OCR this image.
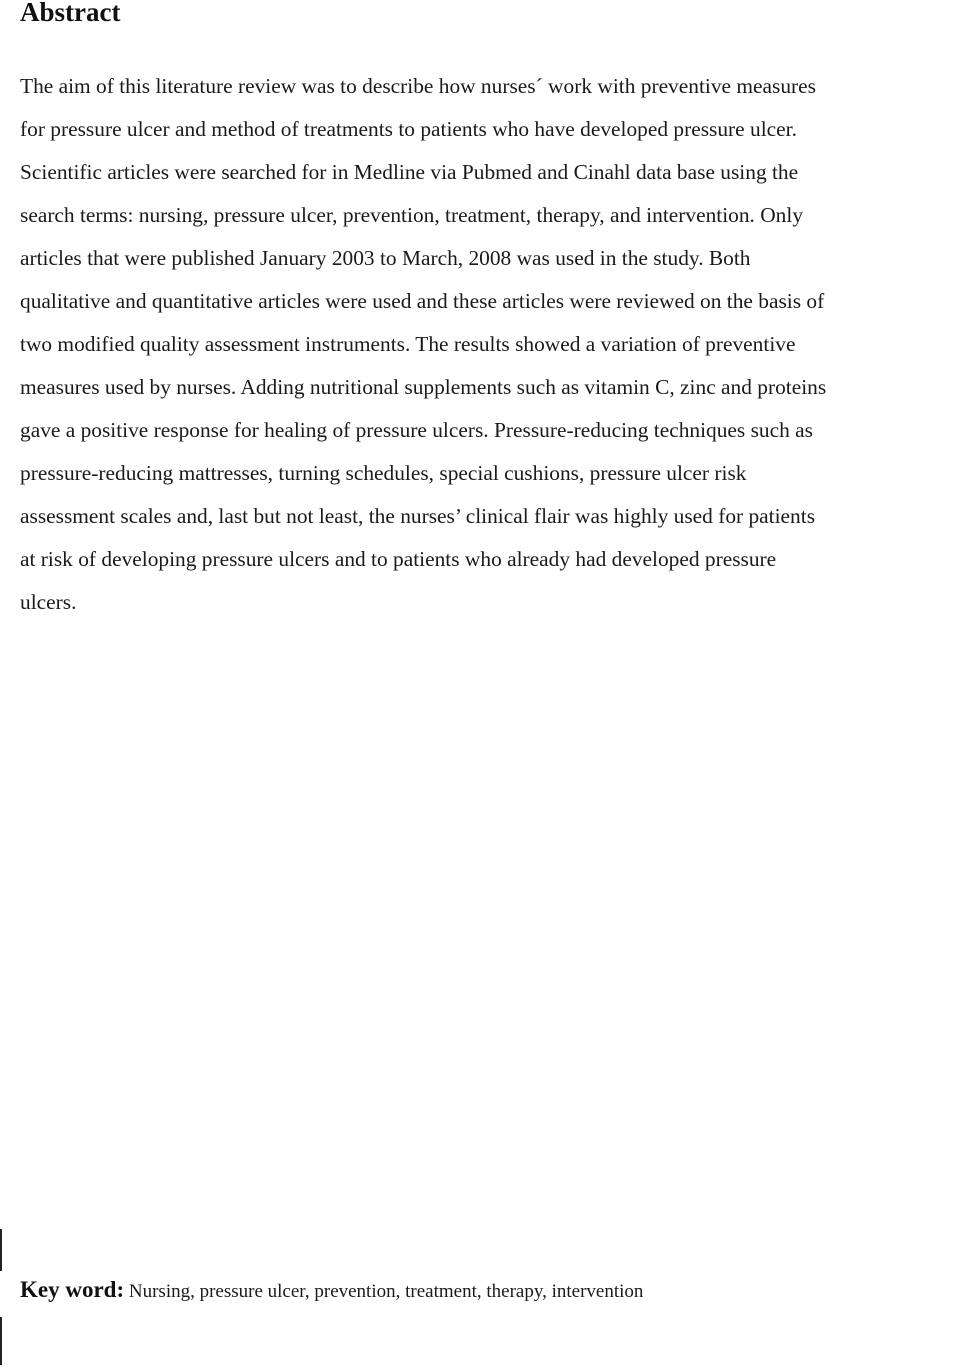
Abstract

The aim of this literature review was to describe how nurses´ work with preventive measures
for pressure ulcer and method of treatments to patients who have developed pressure ulcer.
Scientific articles were searched for in Medline via Pubmed and Cinahl data base using the
search terms: nursing, pressure ulcer, prevention, treatment, therapy, and intervention. Only
articles that were published January 2003 to March, 2008 was used in the study. Both
qualitative and quantitative articles were used and these articles were reviewed on the basis of
two modified quality assessment instruments. The results showed a variation of preventive
measures used by nurses. Adding nutritional supplements such as vitamin C, zinc and proteins
gave a positive response for healing of pressure ulcers. Pressure-reducing techniques such as
pressure-reducing mattresses, turning schedules, special cushions, pressure ulcer risk
assessment scales and, last but not least, the nurses’ clinical flair was highly used for patients
at risk of developing pressure ulcers and to patients who already had developed pressure
ulcers.

Key word: Nursing, pressure ulcer, prevention, treatment, therapy, intervention
